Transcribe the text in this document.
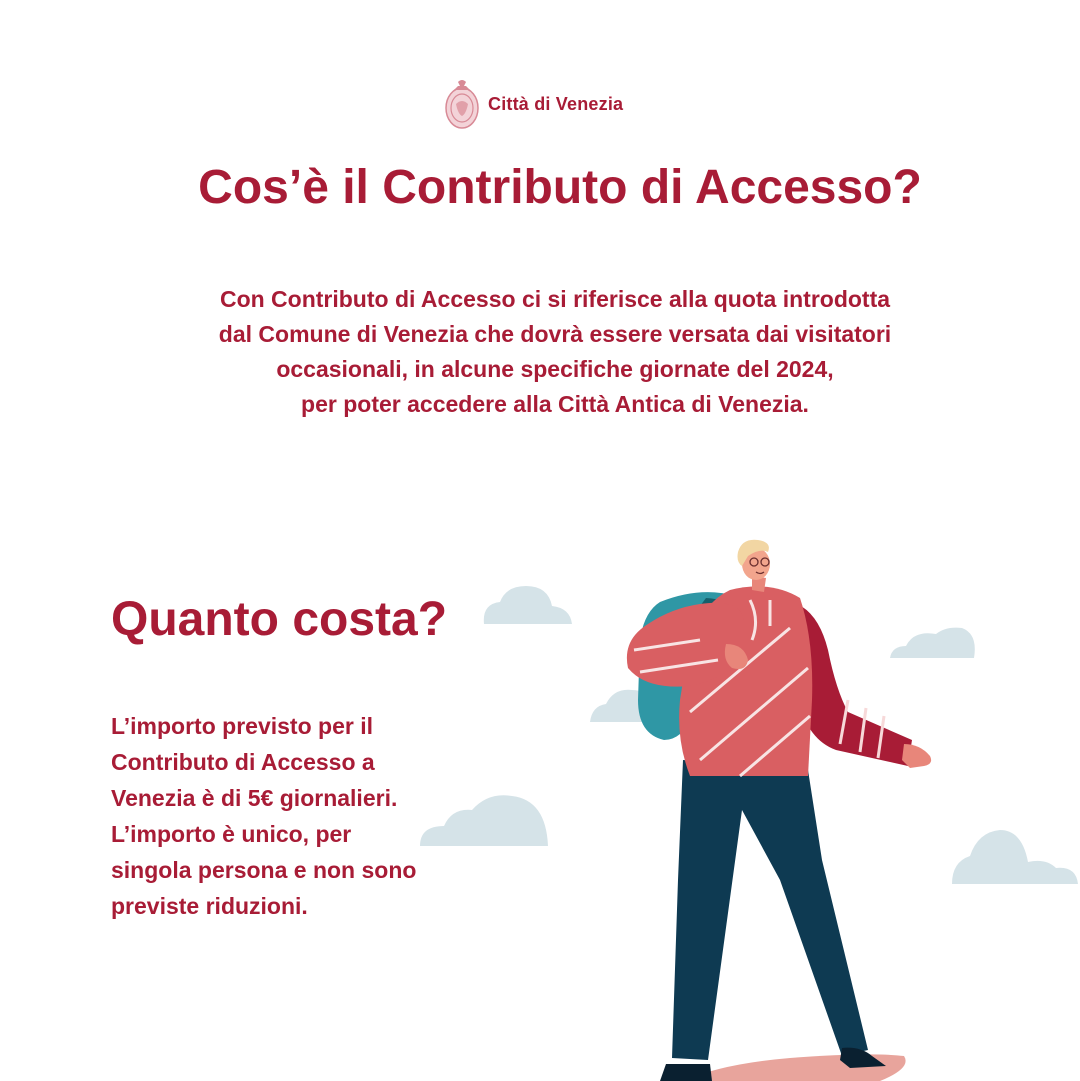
Città di Venezia
Cos’è il Contributo di Accesso?

Con Contributo di Accesso ci si riferisce alla quota introdotta
dal Comune di Venezia che dovrà essere versata dai visitatori
occasionali, in alcune specifiche giornate del 2024,
per poter accedere alla Città Antica di Venezia.

Quanto costa?

L’importo previsto per il
Contributo di Accesso a
Venezia è di 5€ giornalieri.
L’importo è unico, per
singola persona e non sono
previste riduzioni.
